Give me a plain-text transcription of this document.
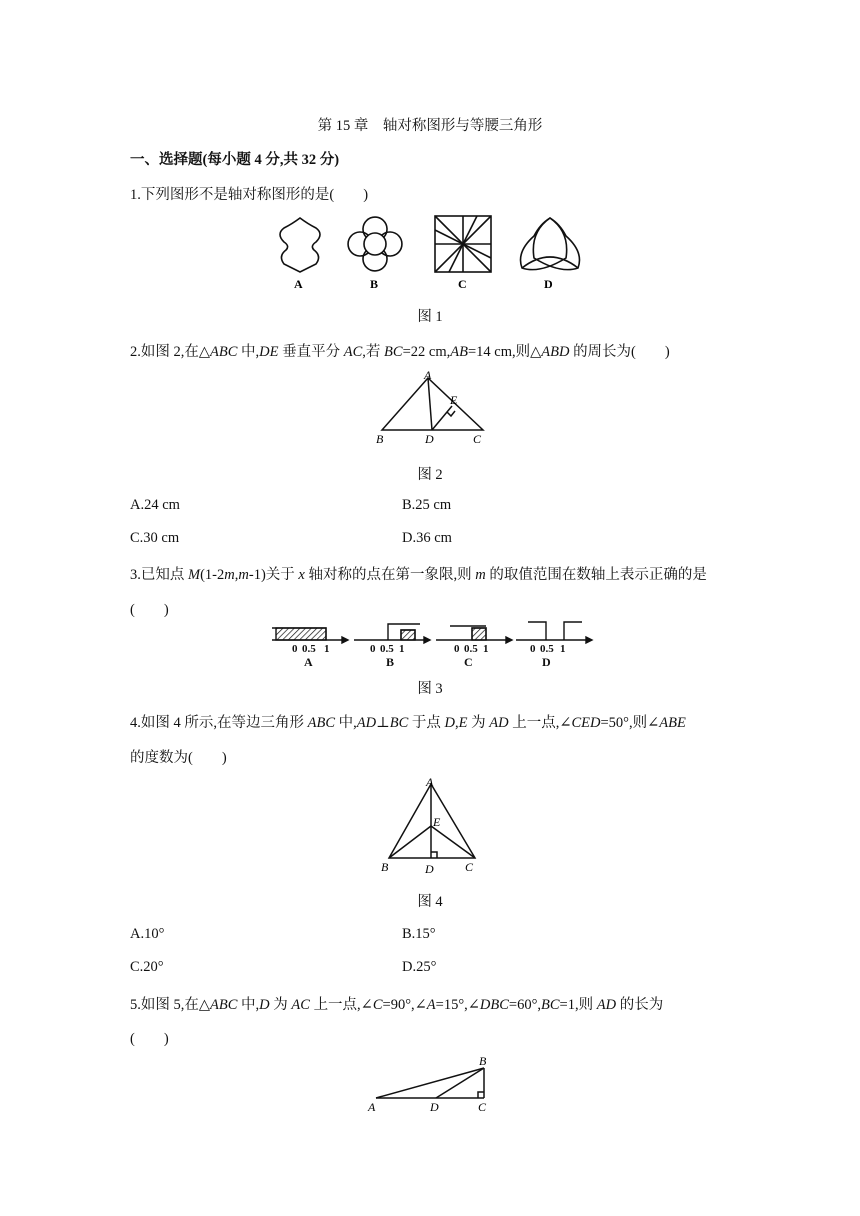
第 15 章　轴对称图形与等腰三角形
一、选择题(每小题 4 分,共 32 分)
1.下列图形不是轴对称图形的是(　　)
A	B	C	D
图 1
2.如图 2,在△ABC 中,DE 垂直平分 AC,若 BC=22 cm,AB=14 cm,则△ABD 的周长为(　　)
A
B	C
D
E
图 2
A.24 cm	B.25 cm
C.30 cm	D.36 cm
3.已知点 M(1-2m,m-1)关于 x 轴对称的点在第一象限,则 m 的取值范围在数轴上表示正确的是
(　　)
0 0.5 1	0 0.5 1	0 0.5 1	0 0.5 1
A	B	C	D
图 3
4.如图 4 所示,在等边三角形 ABC 中,AD⊥BC 于点 D,E 为 AD 上一点,∠CED=50°,则∠ABE
的度数为(　　)
A
B	C
D
E
图 4
A.10°	B.15°
C.20°	D.25°
5.如图 5,在△ABC 中,D 为 AC 上一点,∠C=90°,∠A=15°,∠DBC=60°,BC=1,则 AD 的长为
(　　)
B
A	D	C
